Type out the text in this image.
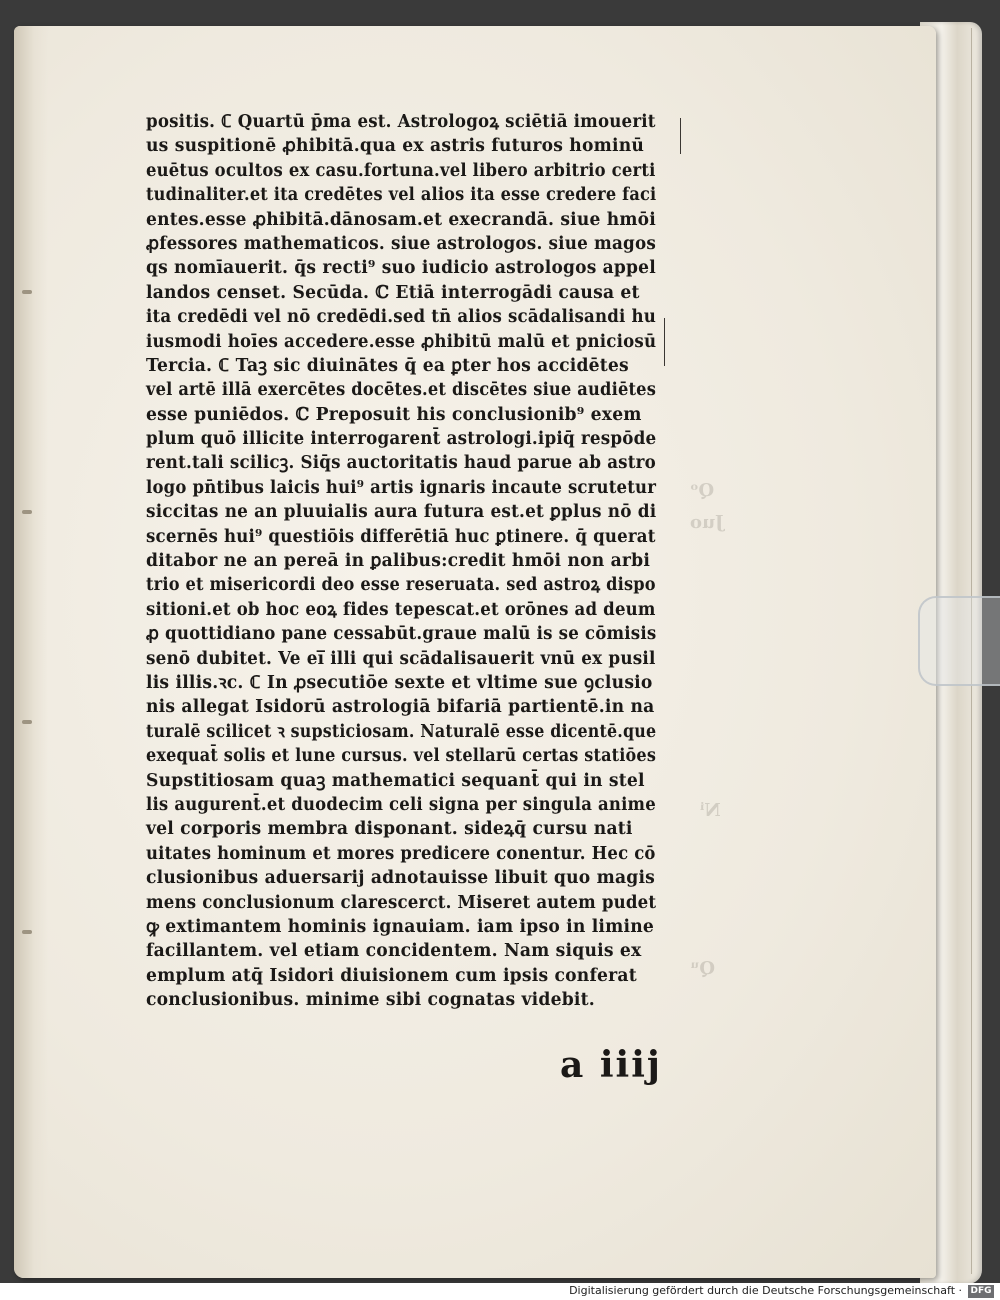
Qᵒ
Juo
Nⁱ
Qᵘ
positis. ℂ Quartū p̄ma est. Astrologoꝝ sciētiā imouerit
us suspitionē ꝓhibitā.qua ex astris futuros hominū
euētus ocultos ex casu.fortuna.vel libero arbitrio certi
tudinaliter.et ita credētes vel alios ita esse credere faci
entes.esse ꝓhibitā.dānosam.et execrandā. siue hmōi
ꝓfessores mathematicos. siue astrologos. siue magos
qs nomīauerit. q̄s recti⁹ suo iudicio astrologos appel
landos censet. Secūda. ℂ Etiā interrogādi causa et
ita credēdi vel nō credēdi.sed tn̄ alios scādalisandi hu
iusmodi hoīes accedere.esse ꝓhibitū malū et pniciosū
Tercia. ℂ Taꝫ sic diuinātes q̄ ea ꝑter hos accidētes
vel artē illā exercētes docētes.et discētes siue audiētes
esse puniēdos. ℂ Preposuit his conclusionib⁹ exem
plum quō illicite interrogarent̄ astrologi.ipiq̄ respōde
rent.tali scilicꝫ. Siq̄s auctoritatis haud parue ab astro
logo pn̄tibus laicis hui⁹ artis ignaris incaute scrutetur
siccitas ne an pluuialis aura futura est.et ꝑplus nō di
scernēs hui⁹ questiōis differētiā huc ꝑtinere. q̄ querat
ditabor ne an pereā in ꝑalibus:credit hmōi non arbi
trio et misericordi deo esse reseruata. sed astroꝝ dispo
sitioni.et ob hoc eoꝝ fides tepescat.et orōnes ad deum
ꝓ quottidiano pane cessabūt.graue malū is se cōmisis
senō dubitet. Ve ei̅ illi qui scādalisauerit vnū ex pusil
lis illis.ꝛc. ℂ In ꝓsecutiōe sexte et vltime sue ꝯclusio
nis allegat Isidorū astrologiā bifariā partientē.in na
turalē scilicet ꝛ supsticiosam. Naturalē esse dicentē.que
exequat̄ solis et lune cursus. vel stellarū certas statiōes
Supstitiosam quaꝫ mathematici sequant̄ qui in stel
lis augurent̄.et duodecim celi signa per singula anime
vel corporis membra disponant. sideꝝq̄ cursu nati
uitates hominum et mores predicere conentur. Hec cō
clusionibus aduersarij adnotauisse libuit quo magis
mens conclusionum clarescerct. Miseret autem pudet
ꝙ extimantem hominis ignauiam. iam ipso in limine
facillantem. vel etiam concidentem. Nam siquis ex
emplum atq̄ Isidori diuisionem cum ipsis conferat
conclusionibus. minime sibi cognatas videbit.
a iiij
Digitalisierung gefördert durch die Deutsche Forschungsgemeinschaft · DFG
